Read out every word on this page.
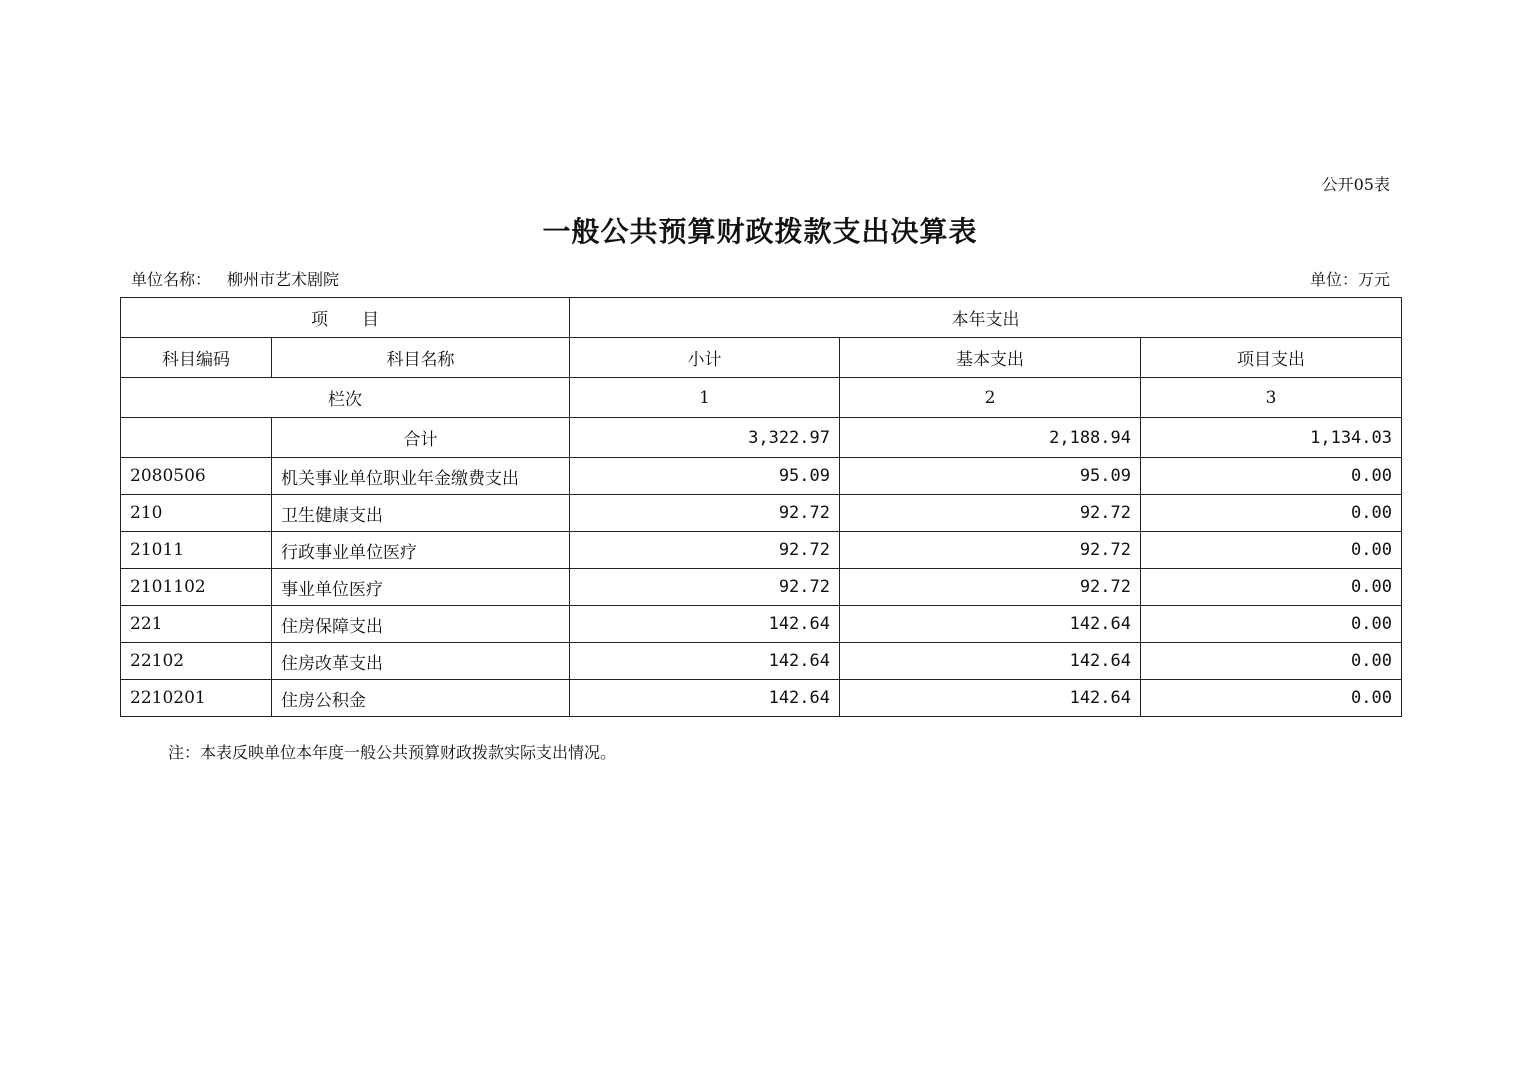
公开05表
一般公共预算财政拨款支出决算表
单位名称： 柳州市艺术剧院	单位：万元
项　　目		本年支出		
科目编码	科目名称	小计	基本支出	项目支出
栏次		1	2	3
	合计	3,322.97	2,188.94	1,134.03
2080506	机关事业单位职业年金缴费支出	95.09	95.09	0.00
210	卫生健康支出	92.72	92.72	0.00
21011	行政事业单位医疗	92.72	92.72	0.00
2101102	事业单位医疗	92.72	92.72	0.00
221	住房保障支出	142.64	142.64	0.00
22102	住房改革支出	142.64	142.64	0.00
2210201	住房公积金	142.64	142.64	0.00
注：本表反映单位本年度一般公共预算财政拨款实际支出情况。
